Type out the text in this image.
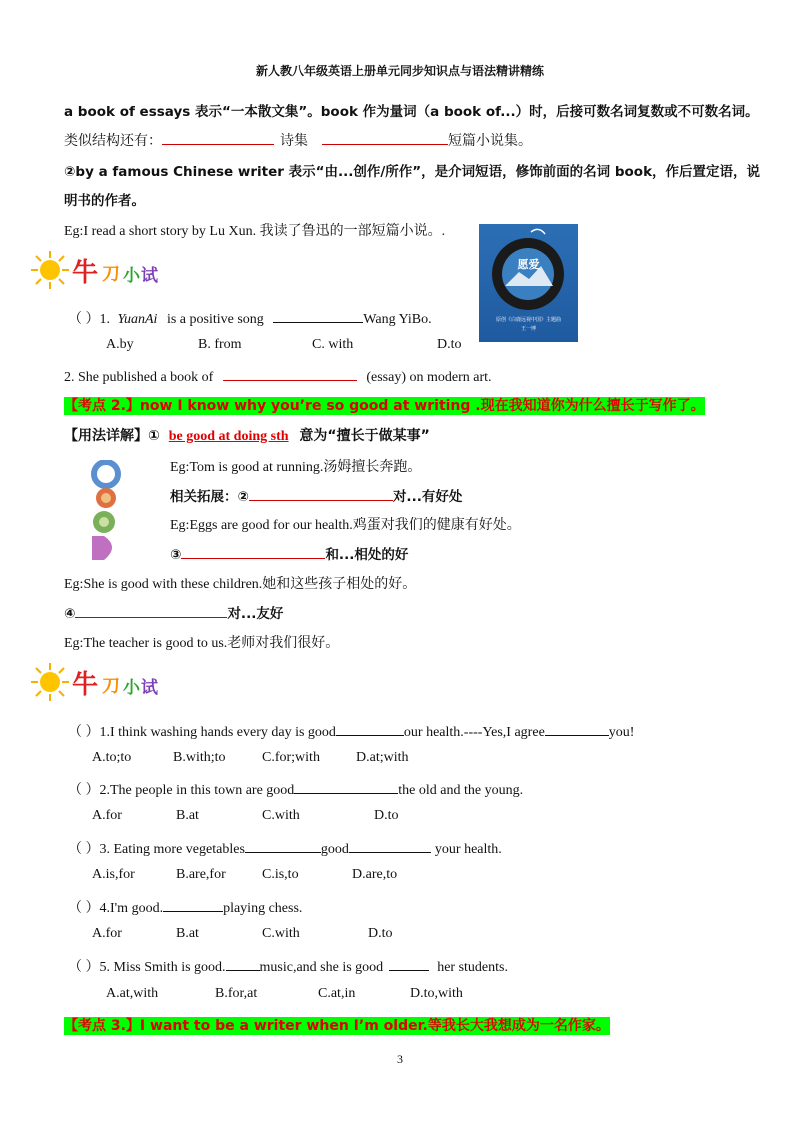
新人教八年级英语上册单元同步知识点与语法精讲精练
a book of essays 表示“一本散文集”。book 作为量词（a book of...）时，后接可数名词复数或不可数名词。
类似结构还有：	诗集	短篇小说集。
②by a famous Chinese writer 表示“由...创作/所作”，是介词短语，修饰前面的名词 book，作后置定语，说
明书的作者。
Eg:I read a short story by Lu Xun. 我读了鲁迅的一部短篇小说。.
牛 刀 小 试
愿爱
原创《白鹿远视中国》主题曲
王一博
（ ）1. YuanAi is a positive song	Wang YiBo.
A.by	B. from	C. with	D.to
2. She published a book of	(essay) on modern art.
【考点 2.】now I know why you’re so good at writing .现在我知道你为什么擅长于写作了。
【用法详解】① be good at doing sth 意为“擅长于做某事”
Eg:Tom is good at running.汤姆擅长奔跑。
相关拓展：②	对...有好处
Eg:Eggs are good for our health.鸡蛋对我们的健康有好处。
③	和...相处的好
Eg:She is good with these children.她和这些孩子相处的好。
④	对...友好
Eg:The teacher is good to us.老师对我们很好。
牛 刀 小 试
（ ）1.I think washing hands every day is good	our health.----Yes,I agree	you!
A.to;to	B.with;to	C.for;with	D.at;with
（ ）2.The people in this town are good	the old and the young.
A.for	B.at	C.with	D.to
（ ）3. Eating more vegetables	good	your health.
A.is,for	B.are,for	C.is,to	D.are,to
（ ）4.I'm good.	playing chess.
A.for	B.at	C.with	D.to
（ ）5. Miss Smith is good. music,and she is good	her students.
A.at,with	B.for,at	C.at,in	D.to,with
【考点 3.】I want to be a writer when I’m older.等我长大我想成为一名作家。
3
